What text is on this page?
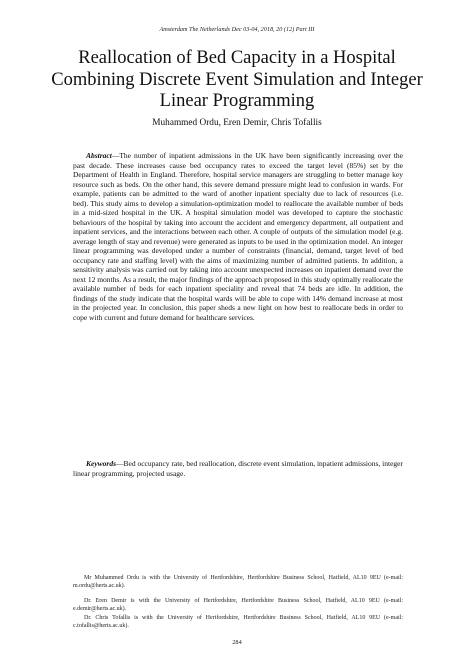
Amsterdam The Netherlands Dec 03-04, 2018, 20 (12) Part III
Reallocation of Bed Capacity in a Hospital Combining Discrete Event Simulation and Integer Linear Programming
Muhammed Ordu, Eren Demir, Chris Tofallis

Abstract—The number of inpatient admissions in the UK have been significantly increasing over the past decade. These increases cause bed occupancy rates to exceed the target level (85%) set by the Department of Health in England. Therefore, hospital service managers are struggling to better manage key resource such as beds. On the other hand, this severe demand pressure might lead to confusion in wards. For example, patients can be admitted to the ward of another inpatient specialty due to lack of resources (i.e. bed). This study aims to develop a simulation-optimization model to reallocate the available number of beds in a mid-sized hospital in the UK. A hospital simulation model was developed to capture the stochastic behaviours of the hospital by taking into account the accident and emergency department, all outpatient and inpatient services, and the interactions between each other. A couple of outputs of the simulation model (e.g. average length of stay and revenue) were generated as inputs to be used in the optimization model. An integer linear programming was developed under a number of constraints (financial, demand, target level of bed occupancy rate and staffing level) with the aims of maximizing number of admitted patients. In addition, a sensitivity analysis was carried out by taking into account unexpected increases on inpatient demand over the next 12 months. As a result, the major findings of the approach proposed in this study optimally reallocate the available number of beds for each inpatient speciality and reveal that 74 beds are idle. In addition, the findings of the study indicate that the hospital wards will be able to cope with 14% demand increase at most in the projected year. In conclusion, this paper sheds a new light on how best to reallocate beds in order to cope with current and future demand for healthcare services.

Keywords—Bed occupancy rate, bed reallocation, discrete event simulation, inpatient admissions, integer linear programming, projected usage.

Mr Muhammed Ordu is with the University of Hertfordshire, Hertfordshire Business School, Hatfield, AL10 9EU (e-mail: m.ordu@herts.ac.uk).

Dr. Eren Demir is with the University of Hertfordshire, Hertfordshire Business School, Hatfield, AL10 9EU (e-mail: e.demir@herts.ac.uk).

Dr. Chris Tofallis is with the University of Hertfordshire, Hertfordshire Business School, Hatfield, AL10 9EU (e-mail: c.tofallis@herts.ac.uk).

284
